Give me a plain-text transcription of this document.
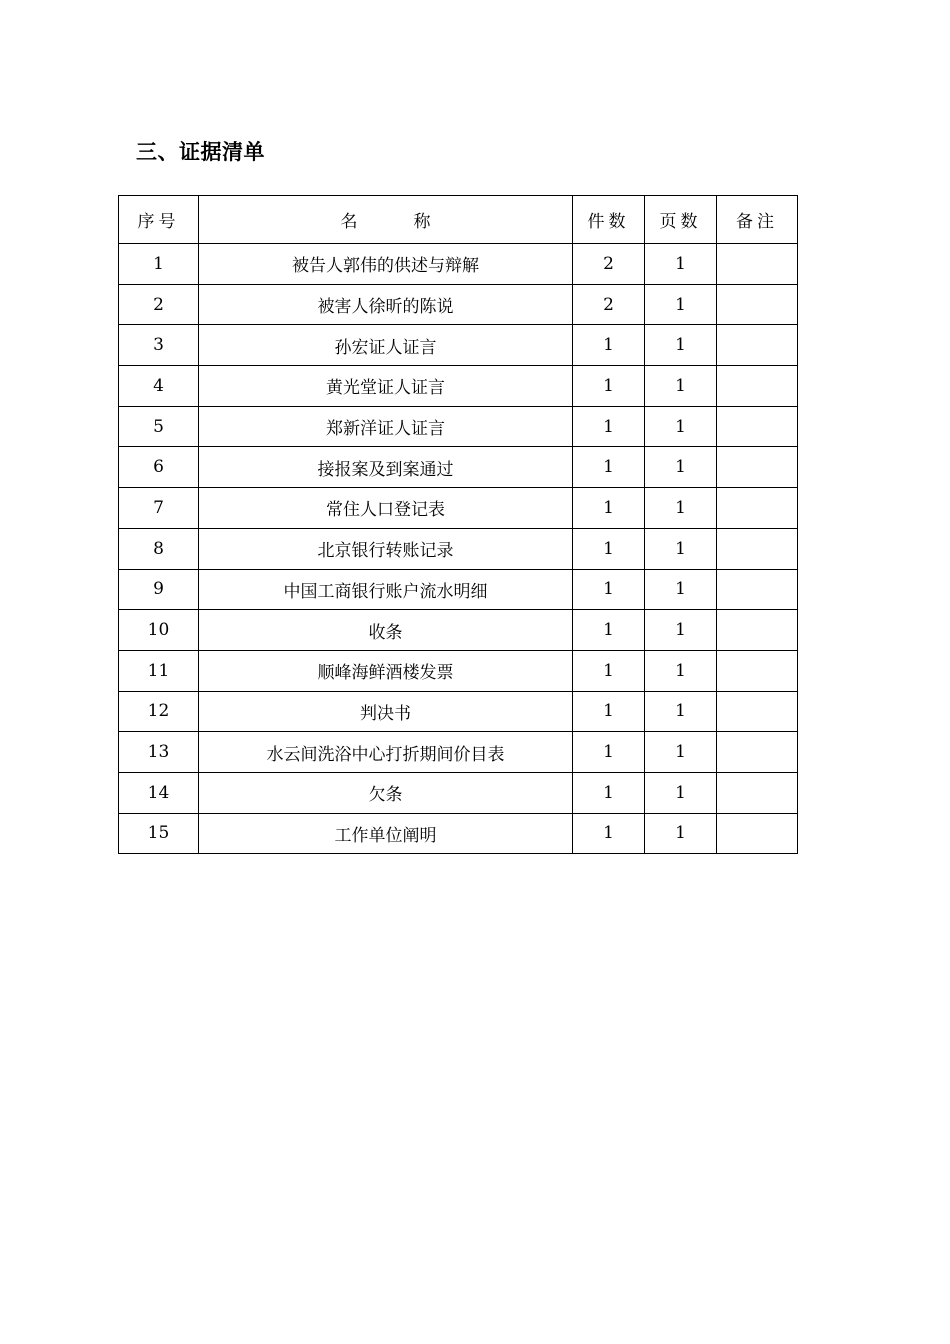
三、证据清单
序号	名称	件数	页数	备注
1	被告人郭伟的供述与辩解	2	1	
2	被害人徐昕的陈说	2	1	
3	孙宏证人证言	1	1	
4	黄光堂证人证言	1	1	
5	郑新洋证人证言	1	1	
6	接报案及到案通过	1	1	
7	常住人口登记表	1	1	
8	北京银行转账记录	1	1	
9	中国工商银行账户流水明细	1	1	
10	收条	1	1	
11	顺峰海鲜酒楼发票	1	1	
12	判决书	1	1	
13	水云间洗浴中心打折期间价目表	1	1	
14	欠条	1	1	
15	工作单位阐明	1	1	
